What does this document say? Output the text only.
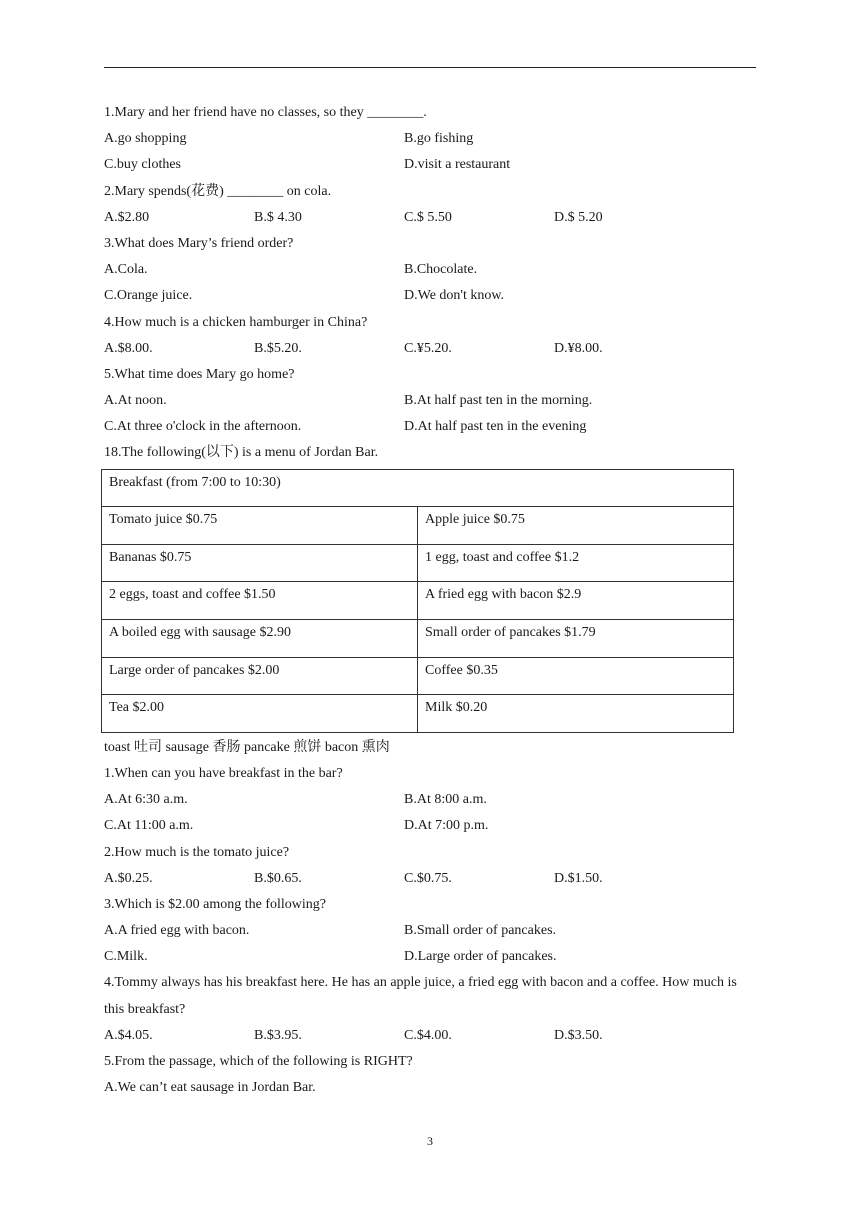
1.Mary and her friend have no classes, so they ________.
A.go shopping	B.go fishing
C.buy clothes	D.visit a restaurant
2.Mary spends(花费) ________ on cola.
A.$2.80	B.$ 4.30	C.$ 5.50	D.$ 5.20
3.What does Mary’s friend order?
A.Cola.	B.Chocolate.
C.Orange juice.	D.We don't know.
4.How much is a chicken hamburger in China?
A.$8.00.	B.$5.20.	C.¥5.20.	D.¥8.00.
5.What time does Mary go home?
A.At noon.	B.At half past ten in the morning.
C.At three o'clock in the afternoon.	D.At half past ten in the evening
18.The following(以下) is a menu of Jordan Bar.
Breakfast (from 7:00 to 10:30)	
Tomato juice $0.75	Apple juice $0.75
Bananas $0.75	1 egg, toast and coffee $1.2
2 eggs, toast and coffee $1.50	A fried egg with bacon $2.9
A boiled egg with sausage $2.90	Small order of pancakes $1.79
Large order of pancakes $2.00	Coffee $0.35
Tea $2.00	Milk $0.20
toast 吐司 sausage 香肠 pancake 煎饼 bacon 熏肉
1.When can you have breakfast in the bar?
A.At 6:30 a.m.	B.At 8:00 a.m.
C.At 11:00 a.m.	D.At 7:00 p.m.
2.How much is the tomato juice?
A.$0.25.	B.$0.65.	C.$0.75.	D.$1.50.
3.Which is $2.00 among the following?
A.A fried egg with bacon.	B.Small order of pancakes.
C.Milk.	D.Large order of pancakes.
4.Tommy always has his breakfast here. He has an apple juice, a fried egg with bacon and a coffee. How much is this breakfast?
A.$4.05.	B.$3.95.	C.$4.00.	D.$3.50.
5.From the passage, which of the following is RIGHT?
A.We can’t eat sausage in Jordan Bar.
3
